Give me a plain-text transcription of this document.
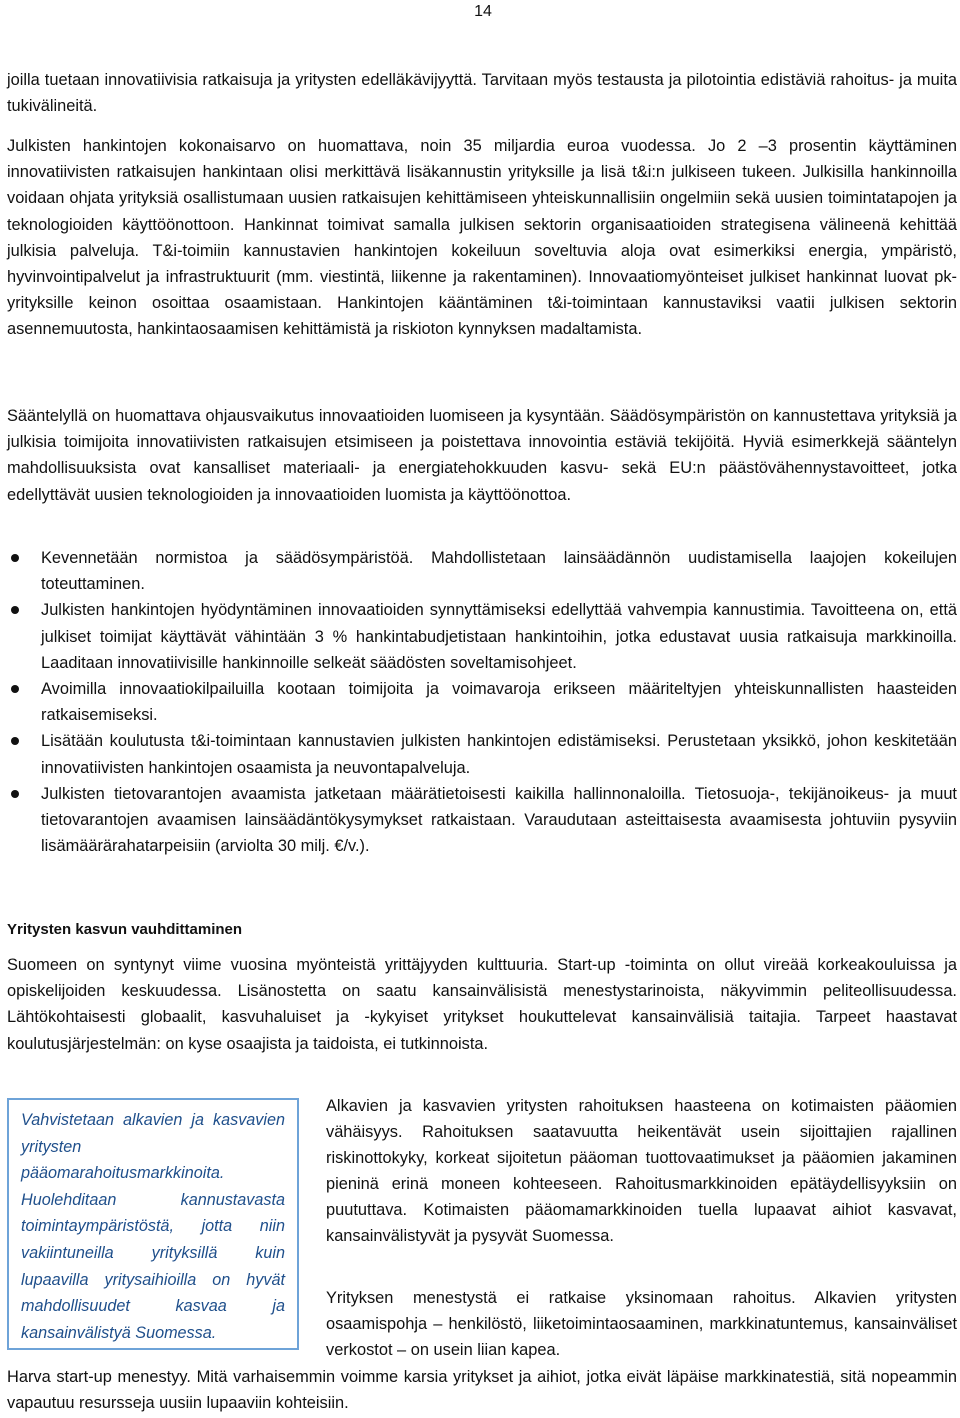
14

joilla tuetaan innovatiivisia ratkaisuja ja yritysten edelläkävijyyttä. Tarvitaan myös testausta ja pilotointia edistäviä rahoitus- ja muita tukivälineitä.

Julkisten hankintojen kokonaisarvo on huomattava, noin 35 miljardia euroa vuodessa. Jo 2 –3 prosentin käyttäminen innovatiivisten ratkaisujen hankintaan olisi merkittävä lisäkannustin yrityksille ja lisä t&i:n julkiseen tukeen. Julkisilla hankinnoilla voidaan ohjata yrityksiä osallistumaan uusien ratkaisujen kehittämiseen yhteiskunnallisiin ongelmiin sekä uusien toimintatapojen ja teknologioiden käyttöönottoon. Hankinnat toimivat samalla julkisen sektorin organisaatioiden strategisena välineenä kehittää julkisia palveluja. T&i-toimiin kannustavien hankintojen kokeiluun soveltuvia aloja ovat esimerkiksi energia, ympäristö, hyvinvointipalvelut ja infrastruktuurit (mm. viestintä, liikenne ja rakentaminen). Innovaatiomyönteiset julkiset hankinnat luovat pk-yrityksille keinon osoittaa osaamistaan. Hankintojen kääntäminen t&i-toimintaan kannustaviksi vaatii julkisen sektorin asennemuutosta, hankintaosaamisen kehittämistä ja riskioton kynnyksen madaltamista.

Sääntelyllä on huomattava ohjausvaikutus innovaatioiden luomiseen ja kysyntään. Säädösympäristön on kannustettava yrityksiä ja julkisia toimijoita innovatiivisten ratkaisujen etsimiseen ja poistettava innovointia estäviä tekijöitä. Hyviä esimerkkejä sääntelyn mahdollisuuksista ovat kansalliset materiaali- ja energiatehokkuuden kasvu- sekä EU:n päästövähennystavoitteet, jotka edellyttävät uusien teknologioiden ja innovaatioiden luomista ja käyttöönottoa.

Kevennetään normistoa ja säädösympäristöä. Mahdollistetaan lainsäädännön uudistamisella laajojen kokeilujen toteuttaminen.
Julkisten hankintojen hyödyntäminen innovaatioiden synnyttämiseksi edellyttää vahvempia kannustimia. Tavoitteena on, että julkiset toimijat käyttävät vähintään 3 % hankintabudjetistaan hankintoihin, jotka edustavat uusia ratkaisuja markkinoilla. Laaditaan innovatiivisille hankinnoille selkeät säädösten soveltamisohjeet.
Avoimilla innovaatiokilpailuilla kootaan toimijoita ja voimavaroja erikseen määriteltyjen yhteiskunnallisten haasteiden ratkaisemiseksi.
Lisätään koulutusta t&i-toimintaan kannustavien julkisten hankintojen edistämiseksi. Perustetaan yksikkö, johon keskitetään innovatiivisten hankintojen osaamista ja neuvontapalveluja.
Julkisten tietovarantojen avaamista jatketaan määrätietoisesti kaikilla hallinnonaloilla. Tietosuoja-, tekijänoikeus- ja muut tietovarantojen avaamisen lainsäädäntökysymykset ratkaistaan. Varaudutaan asteittaisesta avaamisesta johtuviin pysyviin lisämäärärahatarpeisiin (arviolta 30 milj. €/v.).
Yritysten kasvun vauhdittaminen

Suomeen on syntynyt viime vuosina myönteistä yrittäjyyden kulttuuria. Start-up -toiminta on ollut vireää korkeakouluissa ja opiskelijoiden keskuudessa. Lisänostetta on saatu kansainvälisistä menestystarinoista, näkyvimmin peliteollisuudessa. Lähtökohtaisesti globaalit, kasvuhaluiset ja -kykyiset yritykset houkuttelevat kansainvälisiä taitajia. Tarpeet haastavat koulutusjärjestelmän: on kyse osaajista ja taidoista, ei tutkinnoista.

Vahvistetaan alkavien ja kasvavien yritysten pääomarahoitusmarkkinoita. Huolehditaan kannustavasta toimintaympäristöstä, jotta niin vakiintuneilla yrityksillä kuin lupaavilla yritysaihioilla on hyvät mahdollisuudet kasvaa ja kansainvälistyä Suomessa.

Alkavien ja kasvavien yritysten rahoituksen haasteena on kotimaisten pääomien vähäisyys. Rahoituksen saatavuutta heikentävät usein sijoittajien rajallinen riskinottokyky, korkeat sijoitetun pääoman tuottovaatimukset ja pääomien jakaminen pieninä erinä moneen kohteeseen. Rahoitusmarkkinoiden epätäydellisyyksiin on puututtava. Kotimaisten pääomamarkkinoiden tuella lupaavat aihiot kasvavat, kansainvälistyvät ja pysyvät Suomessa.

Yrityksen menestystä ei ratkaise yksinomaan rahoitus. Alkavien yritysten osaamispohja – henkilöstö, liiketoimintaosaaminen, markkinatuntemus, kansainväliset verkostot – on usein liian kapea.

Harva start-up menestyy. Mitä varhaisemmin voimme karsia yritykset ja aihiot, jotka eivät läpäise markkinatestiä, sitä nopeammin vapautuu resursseja uusiin lupaaviin kohteisiin.
